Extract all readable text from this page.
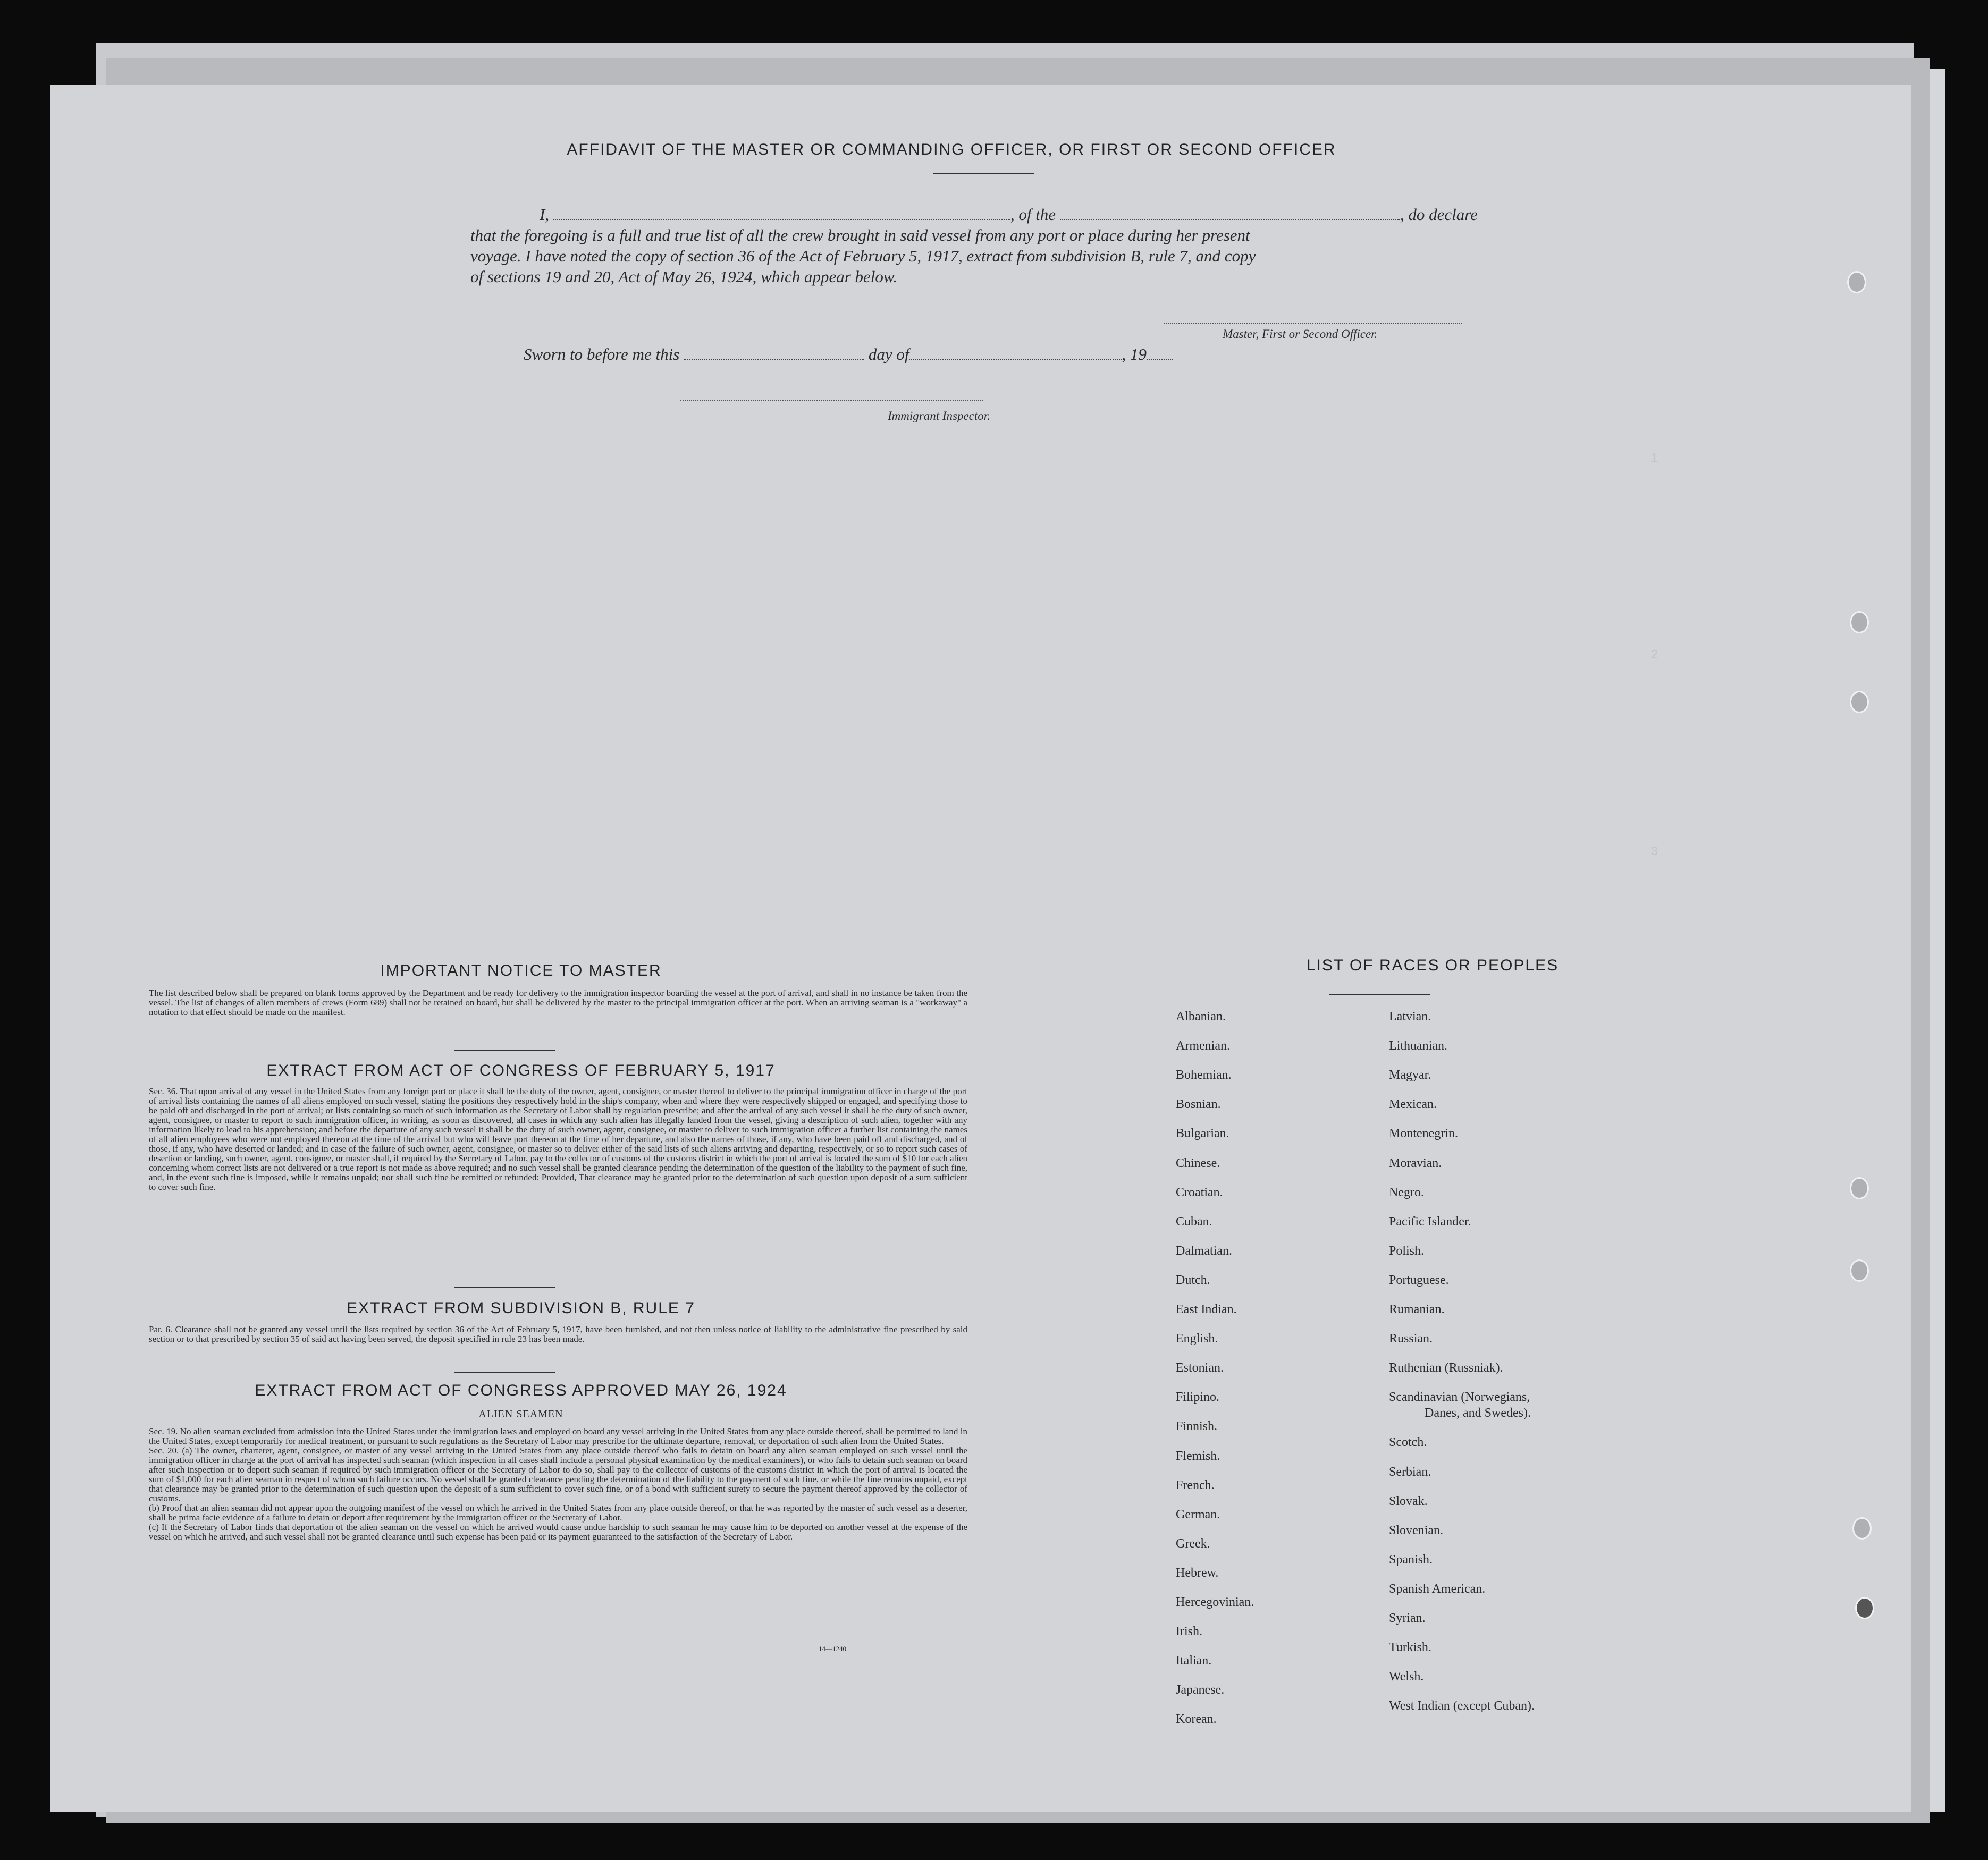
1
2
3
AFFIDAVIT OF THE MASTER OR COMMANDING OFFICER, OR FIRST OR SECOND OFFICER
I,	, of the	, do declare
that the foregoing is a full and true list of all the crew brought in said vessel from any port or place during her present
voyage. I have noted the copy of section 36 of the Act of February 5, 1917, extract from subdivision B, rule 7, and copy
of sections 19 and 20, Act of May 26, 1924, which appear below.
Master, First or Second Officer.
Sworn to before me this	day of	, 19
Immigrant Inspector.
IMPORTANT NOTICE TO MASTER
The list described below shall be prepared on blank forms approved by the Department and be ready for delivery to the immigration inspector boarding the vessel at the port of arrival, and shall in no instance be taken from the vessel. The list of changes of alien members of crews (Form 689) shall not be retained on board, but shall be delivered by the master to the principal immigration officer at the port. When an arriving seaman is a "workaway" a notation to that effect should be made on the manifest.
EXTRACT FROM ACT OF CONGRESS OF FEBRUARY 5, 1917
Sec. 36. That upon arrival of any vessel in the United States from any foreign port or place it shall be the duty of the owner, agent, consignee, or master thereof to deliver to the principal immigration officer in charge of the port of arrival lists containing the names of all aliens employed on such vessel, stating the positions they respectively hold in the ship's company, when and where they were respectively shipped or engaged, and specifying those to be paid off and discharged in the port of arrival; or lists containing so much of such information as the Secretary of Labor shall by regulation prescribe; and after the arrival of any such vessel it shall be the duty of such owner, agent, consignee, or master to report to such immigration officer, in writing, as soon as discovered, all cases in which any such alien has illegally landed from the vessel, giving a description of such alien, together with any information likely to lead to his apprehension; and before the departure of any such vessel it shall be the duty of such owner, agent, consignee, or master to deliver to such immigration officer a further list containing the names of all alien employees who were not employed thereon at the time of the arrival but who will leave port thereon at the time of her departure, and also the names of those, if any, who have been paid off and discharged, and of those, if any, who have deserted or landed; and in case of the failure of such owner, agent, consignee, or master so to deliver either of the said lists of such aliens arriving and departing, respectively, or so to report such cases of desertion or landing, such owner, agent, consignee, or master shall, if required by the Secretary of Labor, pay to the collector of customs of the customs district in which the port of arrival is located the sum of $10 for each alien concerning whom correct lists are not delivered or a true report is not made as above required; and no such vessel shall be granted clearance pending the determination of the question of the liability to the payment of such fine, and, in the event such fine is imposed, while it remains unpaid; nor shall such fine be remitted or refunded: Provided, That clearance may be granted prior to the determination of such question upon deposit of a sum sufficient to cover such fine.
EXTRACT FROM SUBDIVISION B, RULE 7
Par. 6. Clearance shall not be granted any vessel until the lists required by section 36 of the Act of February 5, 1917, have been furnished, and not then unless notice of liability to the administrative fine prescribed by said section or to that prescribed by section 35 of said act having been served, the deposit specified in rule 23 has been made.
EXTRACT FROM ACT OF CONGRESS APPROVED MAY 26, 1924
ALIEN SEAMEN

Sec. 19. No alien seaman excluded from admission into the United States under the immigration laws and employed on board any vessel arriving in the United States from any place outside thereof, shall be permitted to land in the United States, except temporarily for medical treatment, or pursuant to such regulations as the Secretary of Labor may prescribe for the ultimate departure, removal, or deportation of such alien from the United States.

Sec. 20. (a) The owner, charterer, agent, consignee, or master of any vessel arriving in the United States from any place outside thereof who fails to detain on board any alien seaman employed on such vessel until the immigration officer in charge at the port of arrival has inspected such seaman (which inspection in all cases shall include a personal physical examination by the medical examiners), or who fails to detain such seaman on board after such inspection or to deport such seaman if required by such immigration officer or the Secretary of Labor to do so, shall pay to the collector of customs of the customs district in which the port of arrival is located the sum of $1,000 for each alien seaman in respect of whom such failure occurs. No vessel shall be granted clearance pending the determination of the liability to the payment of such fine, or while the fine remains unpaid, except that clearance may be granted prior to the determination of such question upon the deposit of a sum sufficient to cover such fine, or of a bond with sufficient surety to secure the payment thereof approved by the collector of customs.

(b) Proof that an alien seaman did not appear upon the outgoing manifest of the vessel on which he arrived in the United States from any place outside thereof, or that he was reported by the master of such vessel as a deserter, shall be prima facie evidence of a failure to detain or deport after requirement by the immigration officer or the Secretary of Labor.

(c) If the Secretary of Labor finds that deportation of the alien seaman on the vessel on which he arrived would cause undue hardship to such seaman he may cause him to be deported on another vessel at the expense of the vessel on which he arrived, and such vessel shall not be granted clearance until such expense has been paid or its payment guaranteed to the satisfaction of the Secretary of Labor.

14—1240
LIST OF RACES OR PEOPLES
Albanian.
Armenian.
Bohemian.
Bosnian.
Bulgarian.
Chinese.
Croatian.
Cuban.
Dalmatian.
Dutch.
East Indian.
English.
Estonian.
Filipino.
Finnish.
Flemish.
French.
German.
Greek.
Hebrew.
Hercegovinian.
Irish.
Italian.
Japanese.
Korean.
Latvian.
Lithuanian.
Magyar.
Mexican.
Montenegrin.
Moravian.
Negro.
Pacific Islander.
Polish.
Portuguese.
Rumanian.
Russian.
Ruthenian (Russniak).
Scandinavian (Norwegians,
Danes, and Swedes).
Scotch.
Serbian.
Slovak.
Slovenian.
Spanish.
Spanish American.
Syrian.
Turkish.
Welsh.
West Indian (except Cuban).
